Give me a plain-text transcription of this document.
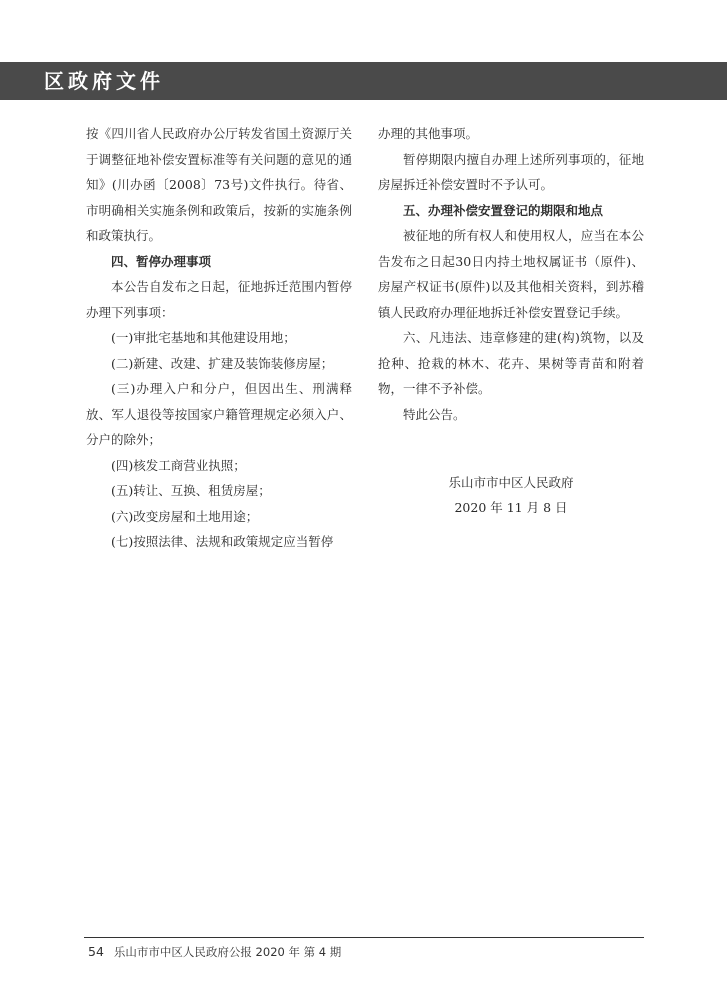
区政府文件

按《四川省人民政府办公厅转发省国土资源厅关于调整征地补偿安置标准等有关问题的意见的通知》(川办函〔2008〕73号)文件执行。待省、市明确相关实施条例和政策后，按新的实施条例和政策执行。

四、暂停办理事项

本公告自发布之日起，征地拆迁范围内暂停办理下列事项：

(一)审批宅基地和其他建设用地；

(二)新建、改建、扩建及装饰装修房屋；

(三)办理入户和分户，但因出生、刑满释放、军人退役等按国家户籍管理规定必须入户、分户的除外；

(四)核发工商营业执照；

(五)转让、互换、租赁房屋；

(六)改变房屋和土地用途；

(七)按照法律、法规和政策规定应当暂停

办理的其他事项。

暂停期限内擅自办理上述所列事项的，征地房屋拆迁补偿安置时不予认可。

五、办理补偿安置登记的期限和地点

被征地的所有权人和使用权人，应当在本公告发布之日起30日内持土地权属证书（原件)、房屋产权证书(原件)以及其他相关资料，到苏稽镇人民政府办理征地拆迁补偿安置登记手续。

六、凡违法、违章修建的建(构)筑物，以及抢种、抢栽的林木、花卉、果树等青苗和附着物，一律不予补偿。

特此公告。

乐山市市中区人民政府
2020 年 11 月 8 日
54 乐山市市中区人民政府公报 2020 年 第 4 期
